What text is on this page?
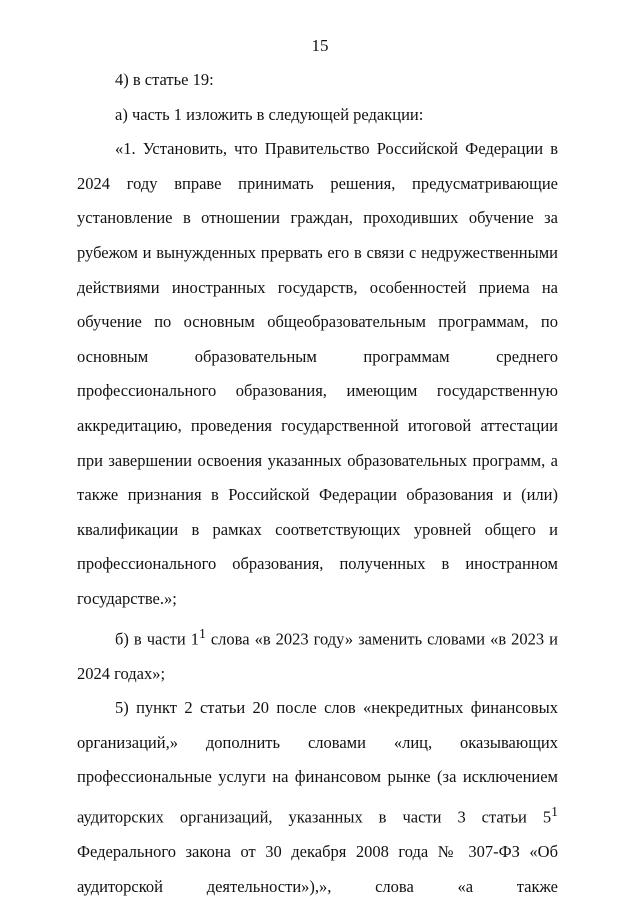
15

4) в статье 19:

а) часть 1 изложить в следующей редакции:

«1. Установить, что Правительство Российской Федерации в 2024 году вправе принимать решения, предусматривающие установление в отношении граждан, проходивших обучение за рубежом и вынужденных прервать его в связи с недружественными действиями иностранных государств, особенностей приема на обучение по основным общеобразовательным программам, по основным образовательным программам среднего профессионального образования, имеющим государственную аккредитацию, проведения государственной итоговой аттестации при завершении освоения указанных образовательных программ, а также признания в Российской Федерации образования и (или) квалификации в рамках соответствующих уровней общего и профессионального образования, полученных в иностранном государстве.»;

б) в части $1^1$ слова «в 2023 году» заменить словами «в 2023 и 2024 годах»;

5) пункт 2 статьи 20 после слов «некредитных финансовых организаций,» дополнить словами «лиц, оказывающих профессиональные услуги на финансовом рынке (за исключением аудиторских организаций, указанных в части 3 статьи $5^1$ Федерального закона от 30 декабря 2008 года № 307-ФЗ «Об аудиторской деятельности»),», слова «а также
